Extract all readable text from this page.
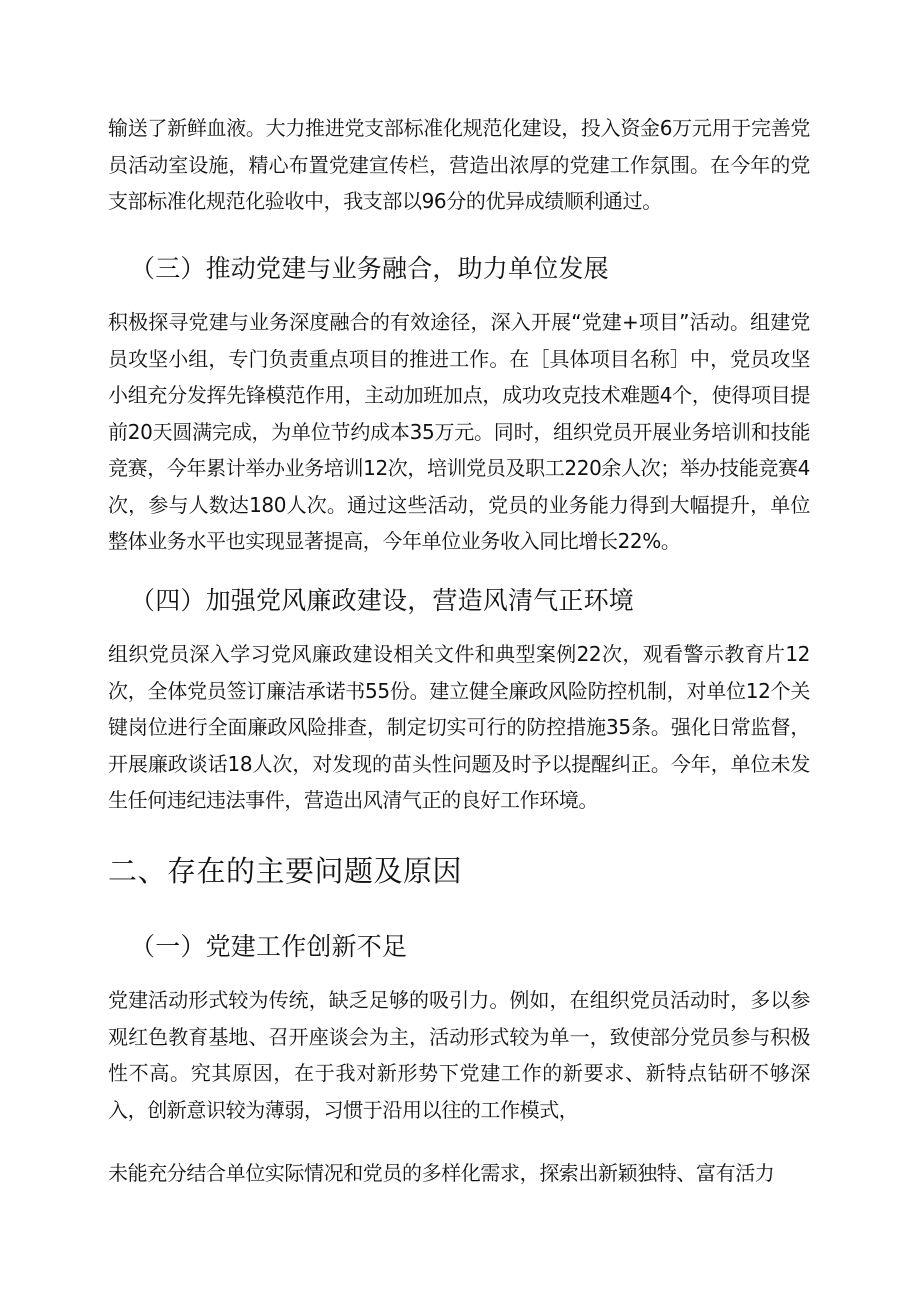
输送了新鲜血液。大力推进党支部标准化规范化建设，投入资金6万元用于完善党员活动室设施，精心布置党建宣传栏，营造出浓厚的党建工作氛围。在今年的党支部标准化规范化验收中，我支部以96分的优异成绩顺利通过。

（三）推动党建与业务融合，助力单位发展

积极探寻党建与业务深度融合的有效途径，深入开展“党建+项目”活动。组建党员攻坚小组，专门负责重点项目的推进工作。在［具体项目名称］中，党员攻坚小组充分发挥先锋模范作用，主动加班加点，成功攻克技术难题4个，使得项目提前20天圆满完成，为单位节约成本35万元。同时，组织党员开展业务培训和技能竞赛，今年累计举办业务培训12次，培训党员及职工220余人次；举办技能竞赛4次，参与人数达180人次。通过这些活动，党员的业务能力得到大幅提升，单位整体业务水平也实现显著提高，今年单位业务收入同比增长22%。

（四）加强党风廉政建设，营造风清气正环境

组织党员深入学习党风廉政建设相关文件和典型案例22次，观看警示教育片12次，全体党员签订廉洁承诺书55份。建立健全廉政风险防控机制，对单位12个关键岗位进行全面廉政风险排查，制定切实可行的防控措施35条。强化日常监督，开展廉政谈话18人次，对发现的苗头性问题及时予以提醒纠正。今年，单位未发生任何违纪违法事件，营造出风清气正的良好工作环境。

二、存在的主要问题及原因
（一）党建工作创新不足

党建活动形式较为传统，缺乏足够的吸引力。例如，在组织党员活动时，多以参观红色教育基地、召开座谈会为主，活动形式较为单一，致使部分党员参与积极性不高。究其原因，在于我对新形势下党建工作的新要求、新特点钻研不够深入，创新意识较为薄弱，习惯于沿用以往的工作模式，

未能充分结合单位实际情况和党员的多样化需求，探索出新颖独特、富有活力
